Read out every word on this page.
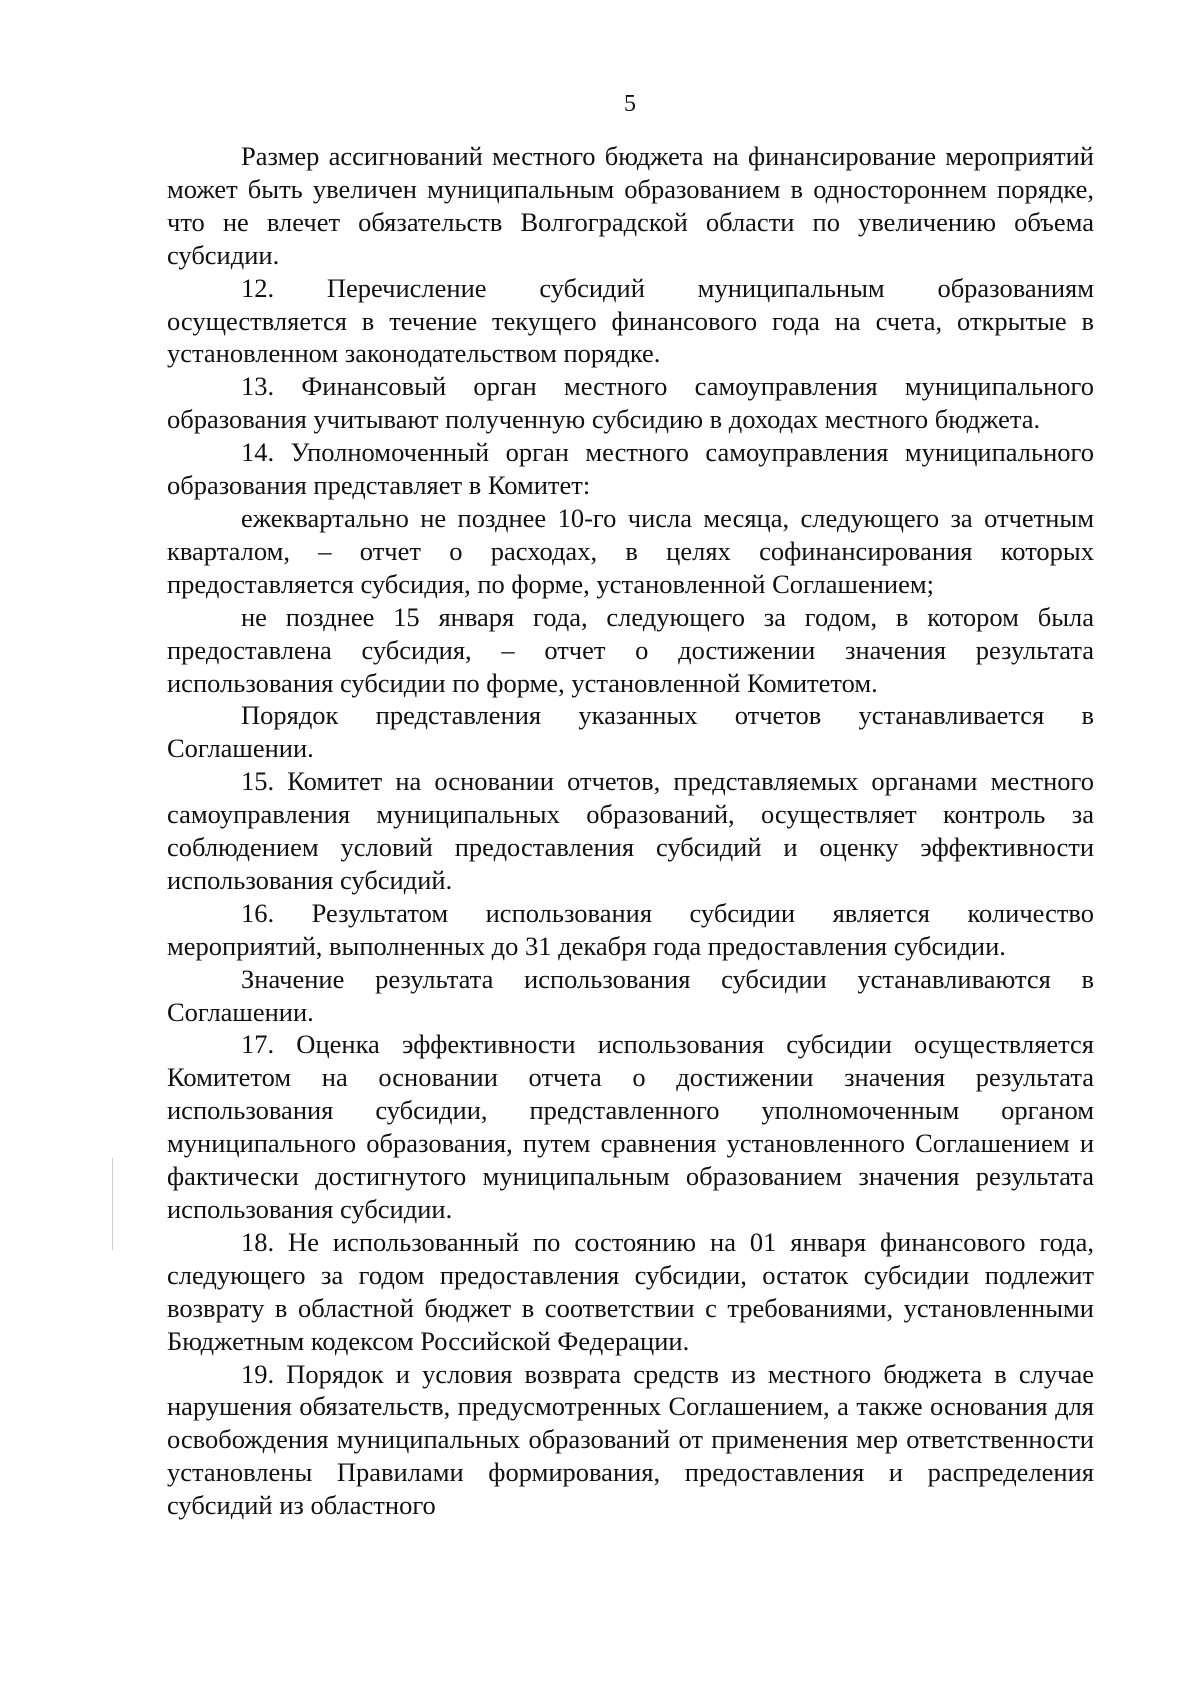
5

Размер ассигнований местного бюджета на финансирование мероприятий может быть увеличен муниципальным образованием в одностороннем порядке, что не влечет обязательств Волгоградской области по увеличению объема субсидии.

12. Перечисление субсидий муниципальным образованиям осуществляется в течение текущего финансового года на счета, открытые в установленном законодательством порядке.

13. Финансовый орган местного самоуправления муниципального образования учитывают полученную субсидию в доходах местного бюджета.

14. Уполномоченный орган местного самоуправления муниципального образования представляет в Комитет:

ежеквартально не позднее 10-го числа месяца, следующего за отчетным кварталом, – отчет о расходах, в целях софинансирования которых предоставляется субсидия, по форме, установленной Соглашением;

не позднее 15 января года, следующего за годом, в котором была предоставлена субсидия, – отчет о достижении значения результата использования субсидии по форме, установленной Комитетом.

Порядок представления указанных отчетов устанавливается в Соглашении.

15. Комитет на основании отчетов, представляемых органами местного самоуправления муниципальных образований, осуществляет контроль за соблюдением условий предоставления субсидий и оценку эффективности использования субсидий.

16. Результатом использования субсидии является количество мероприятий, выполненных до 31 декабря года предоставления субсидии.

Значение результата использования субсидии устанавливаются в Соглашении.

17. Оценка эффективности использования субсидии осуществляется Комитетом на основании отчета о достижении значения результата использования субсидии, представленного уполномоченным органом муниципального образования, путем сравнения установленного Соглашением и фактически достигнутого муниципальным образованием значения результата использования субсидии.

18. Не использованный по состоянию на 01 января финансового года, следующего за годом предоставления субсидии, остаток субсидии подлежит возврату в областной бюджет в соответствии с требованиями, установленными Бюджетным кодексом Российской Федерации.

19. Порядок и условия возврата средств из местного бюджета в случае нарушения обязательств, предусмотренных Соглашением, а также основания для освобождения муниципальных образований от применения мер ответственности установлены Правилами формирования, предоставления и распределения субсидий из областного
